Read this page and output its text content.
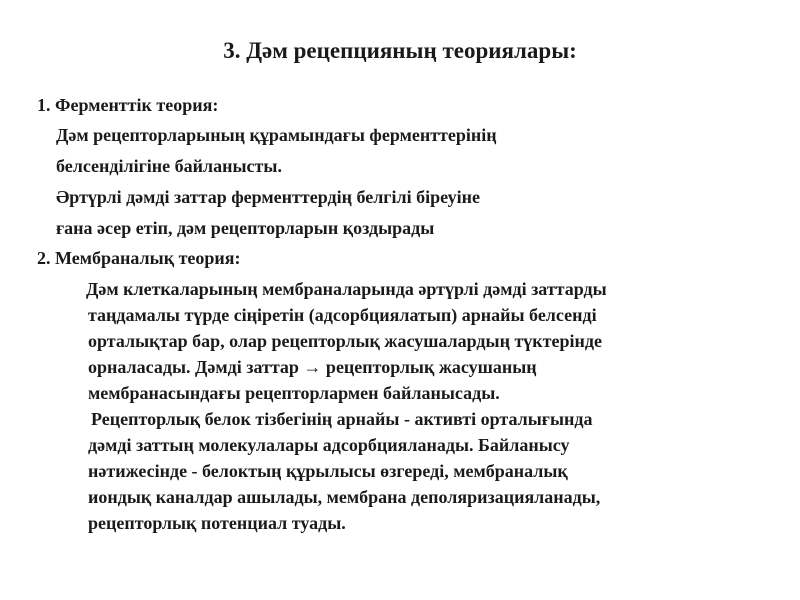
3. Дәм рецепцияның теориялары:
1. Ферменттік теория:
Дәм рецепторларының құрамындағы ферменттерінің
белсенділігіне байланысты.
Әртүрлі дәмді заттар ферменттердің белгілі біреуіне
ғана әсер етіп, дәм рецепторларын қоздырады
2. Мембраналық теория:
Дәм клеткаларының мембраналарында әртүрлі дәмді заттарды
таңдамалы түрде сіңіретін (адсорбциялатып) арнайы белсенді
орталықтар бар, олар рецепторлық жасушалардың түктерінде
орналасады. Дәмді заттар → рецепторлық жасушаның
мембранасындағы рецепторлармен байланысады.
Рецепторлық белок тізбегінің арнайы - активті орталығында
дәмді заттың молекулалары адсорбцияланады. Байланысу
нәтижесінде - белоктың құрылысы өзгереді, мембраналық
иондық каналдар ашылады, мембрана деполяризацияланады,
рецепторлық потенциал туады.
